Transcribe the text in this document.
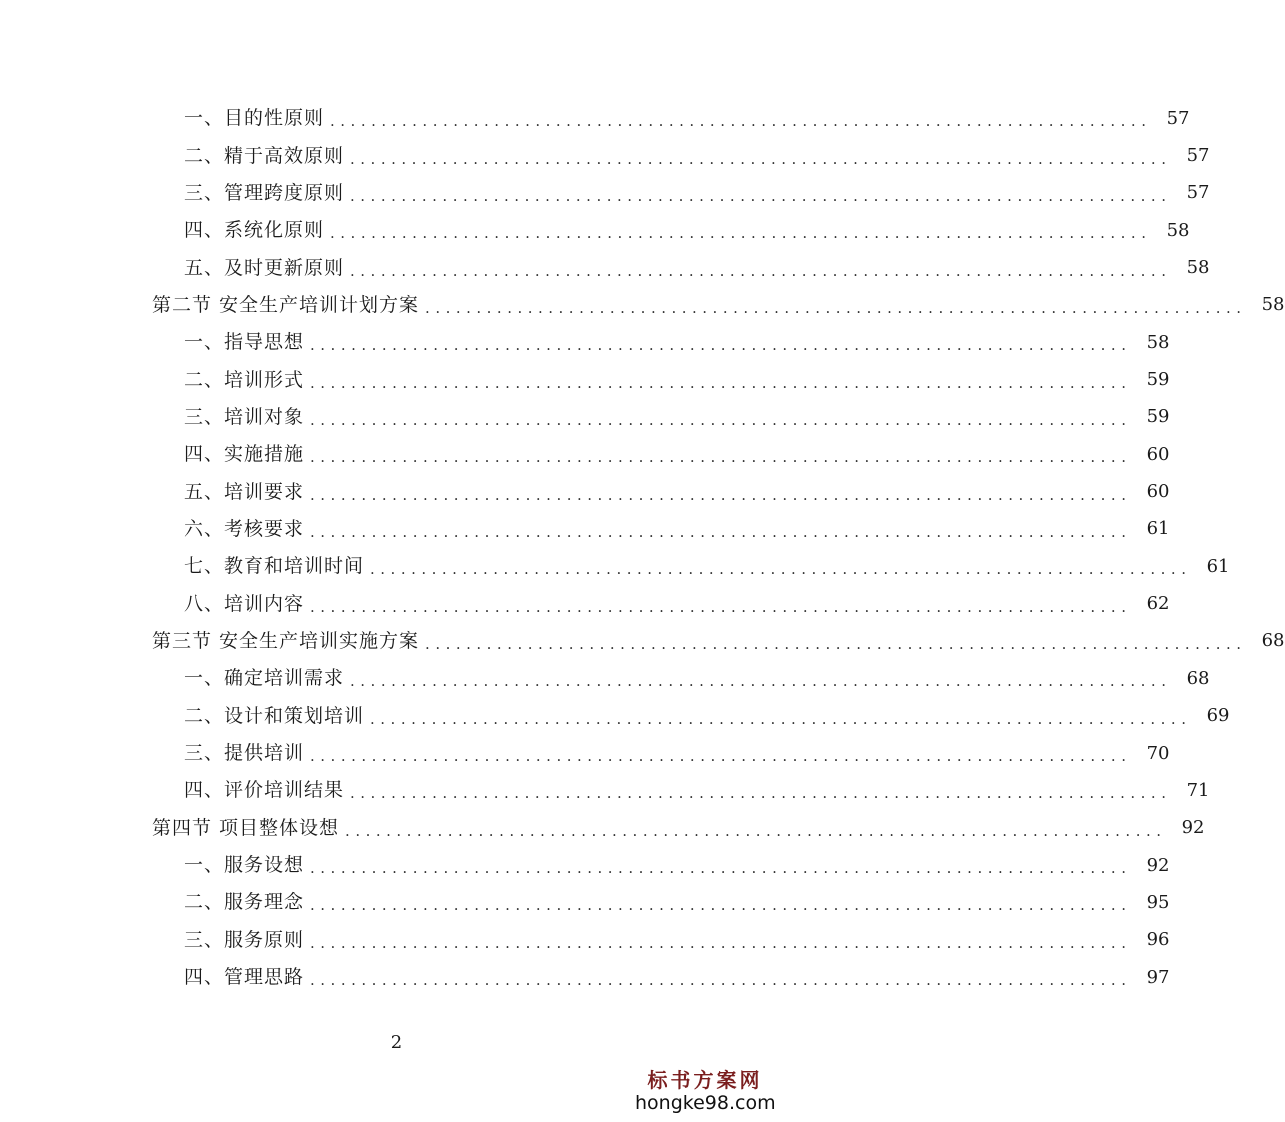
一、目的性原则 ................................................................................ 57
二、精于高效原则 ................................................................................ 57
三、管理跨度原则 ................................................................................ 57
四、系统化原则 ................................................................................ 58
五、及时更新原则 ................................................................................ 58
第二节 安全生产培训计划方案 ................................................................................ 58
一、指导思想 ................................................................................ 58
二、培训形式 ................................................................................ 59
三、培训对象 ................................................................................ 59
四、实施措施 ................................................................................ 60
五、培训要求 ................................................................................ 60
六、考核要求 ................................................................................ 61
七、教育和培训时间 ................................................................................ 61
八、培训内容 ................................................................................ 62
第三节 安全生产培训实施方案 ................................................................................ 68
一、确定培训需求 ................................................................................ 68
二、设计和策划培训 ................................................................................ 69
三、提供培训 ................................................................................ 70
四、评价培训结果 ................................................................................ 71
第四节 项目整体设想 ................................................................................ 92
一、服务设想 ................................................................................ 92
二、服务理念 ................................................................................ 95
三、服务原则 ................................................................................ 96
四、管理思路 ................................................................................ 97
2
标书方案网
hongke98.com
